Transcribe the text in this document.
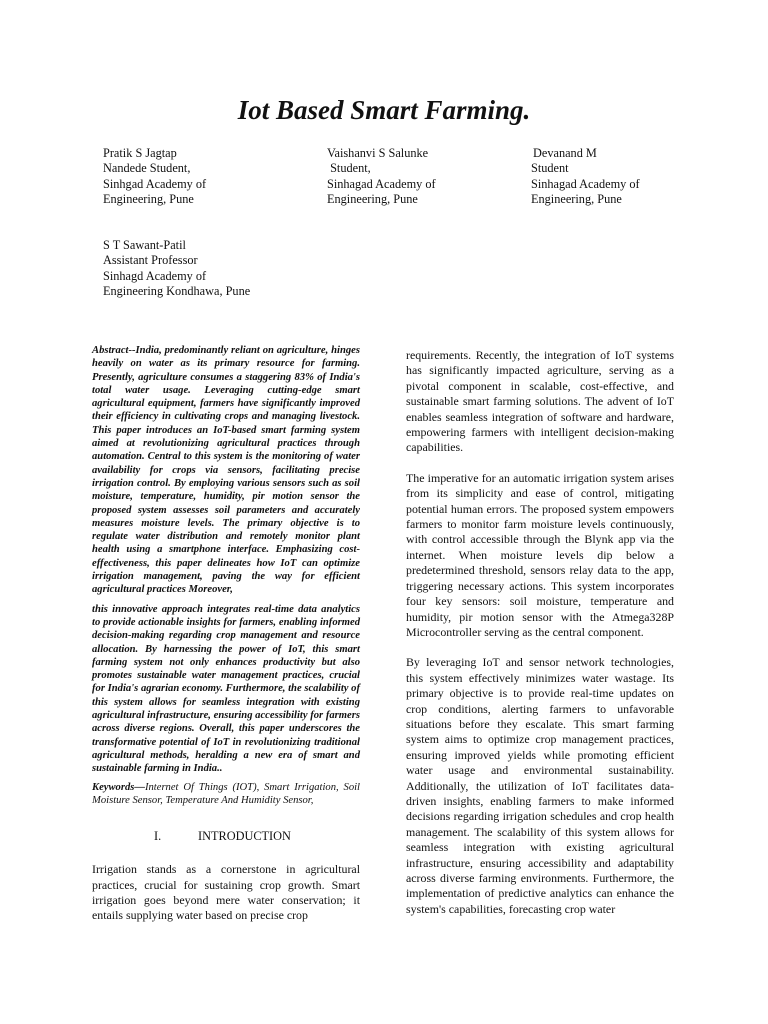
Iot Based Smart Farming.
Pratik S Jagtap
Nandede Student,
Sinhgad Academy of
Engineering, Pune
Vaishanvi S Salunke
Student,
Sinhagad Academy of
Engineering, Pune
Devanand M
Student
Sinhagad Academy of
Engineering, Pune
S T Sawant-Patil
Assistant Professor
Sinhagd Academy of
Engineering Kondhawa, Pune

Abstract--India, predominantly reliant on agriculture, hinges heavily on water as its primary resource for farming. Presently, agriculture consumes a staggering 83% of India's total water usage. Leveraging cutting-edge smart agricultural equipment, farmers have significantly improved their efficiency in cultivating crops and managing livestock. This paper introduces an IoT-based smart farming system aimed at revolutionizing agricultural practices through automation. Central to this system is the monitoring of water availability for crops via sensors, facilitating precise irrigation control. By employing various sensors such as soil moisture, temperature, humidity, pir motion sensor the proposed system assesses soil parameters and accurately measures moisture levels. The primary objective is to regulate water distribution and remotely monitor plant health using a smartphone interface. Emphasizing cost-effectiveness, this paper delineates how IoT can optimize irrigation management, paving the way for efficient agricultural practices Moreover,

this innovative approach integrates real-time data analytics to provide actionable insights for farmers, enabling informed decision-making regarding crop management and resource allocation. By harnessing the power of IoT, this smart farming system not only enhances productivity but also promotes sustainable water management practices, crucial for India's agrarian economy. Furthermore, the scalability of this system allows for seamless integration with existing agricultural infrastructure, ensuring accessibility for farmers across diverse regions. Overall, this paper underscores the transformative potential of IoT in revolutionizing traditional agricultural methods, heralding a new era of smart and sustainable farming in India..

Keywords—Internet Of Things (IOT), Smart Irrigation, Soil Moisture Sensor, Temperature And Humidity Sensor,

I.	INTRODUCTION

Irrigation stands as a cornerstone in agricultural practices, crucial for sustaining crop growth. Smart irrigation goes beyond mere water conservation; it entails supplying water based on precise crop

requirements. Recently, the integration of IoT systems has significantly impacted agriculture, serving as a pivotal component in scalable, cost-effective, and sustainable smart farming solutions. The advent of IoT enables seamless integration of software and hardware, empowering farmers with intelligent decision-making capabilities.

The imperative for an automatic irrigation system arises from its simplicity and ease of control, mitigating potential human errors. The proposed system empowers farmers to monitor farm moisture levels continuously, with control accessible through the Blynk app via the internet. When moisture levels dip below a predetermined threshold, sensors relay data to the app, triggering necessary actions. This system incorporates four key sensors: soil moisture, temperature and humidity, pir motion sensor with the Atmega328P Microcontroller serving as the central component.

By leveraging IoT and sensor network technologies, this system effectively minimizes water wastage. Its primary objective is to provide real-time updates on crop conditions, alerting farmers to unfavorable situations before they escalate. This smart farming system aims to optimize crop management practices, ensuring improved yields while promoting efficient water usage and environmental sustainability. Additionally, the utilization of IoT facilitates data-driven insights, enabling farmers to make informed decisions regarding irrigation schedules and crop health management. The scalability of this system allows for seamless integration with existing agricultural infrastructure, ensuring accessibility and adaptability across diverse farming environments. Furthermore, the implementation of predictive analytics can enhance the system's capabilities, forecasting crop water
